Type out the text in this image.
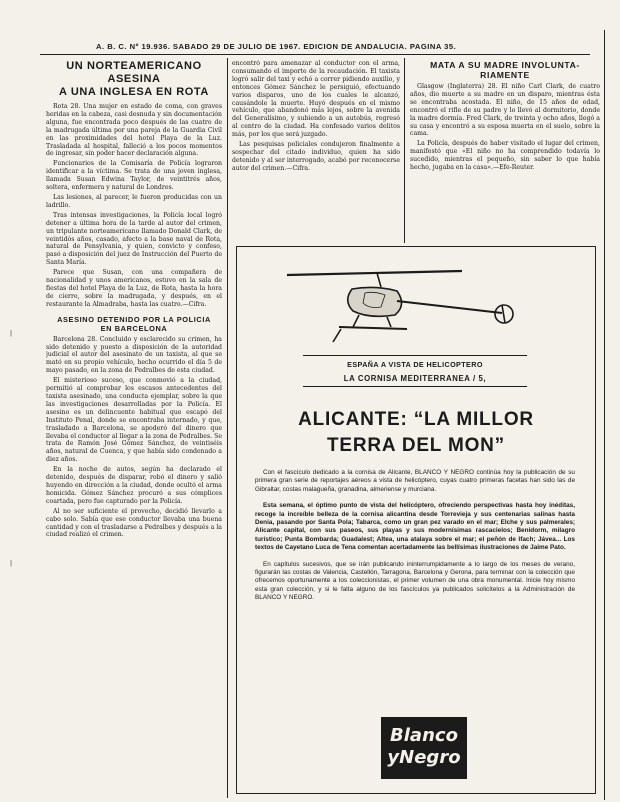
A. B. C. Nº 19.936. SABADO 29 DE JULIO DE 1967. EDICION DE ANDALUCIA. PAGINA 35.
|
|
UN NORTEAMERICANO ASESINA
A UNA INGLESA EN ROTA

Rota 28. Una mujer en estado de coma, con graves heridas en la cabeza, casi desnuda y sin documentación alguna, fue encontrada poco después de las cuatro de la madrugada última por una pareja de la Guardia Civil en las proximidades del hotel Playa de la Luz. Trasladada al hospital, falleció a los pocos momentos de ingresar, sin poder hacer declaración alguna.

Funcionarios de la Comisaría de Policía lograron identificar a la víctima. Se trata de una joven inglesa, llamada Susan Edwina Taylor, de veintitrés años, soltera, enfermera y natural de Londres.

Las lesiones, al parecer, le fueron producidas con un ladrillo.

Tras intensas investigaciones, la Policía local logró detener a última hora de la tarde al autor del crimen, un tripulante norteamericano llamado Donald Clark, de veintidós años, casado, afecto a la base naval de Rota, natural de Pensylvania, y quien, convicto y confeso, pasó a disposición del juez de Instrucción del Puerto de Santa María.

Parece que Susan, con una compañera de nacionalidad y unos americanos, estuvo en la sala de fiestas del hotel Playa de la Luz, de Rota, hasta la hora de cierre, sobre la madrugada, y después, en el restaurante la Almadraba, hasta las cuatro.—Cifra.

ASESINO DETENIDO POR LA POLICIA
EN BARCELONA

Barcelona 28. Concluido y esclarecido su crimen, ha sido detenido y puesto a disposición de la autoridad judicial el autor del asesinato de un taxista, al que se mató en su propio vehículo, hecho ocurrido el día 5 de mayo pasado, en la zona de Pedralbes de esta ciudad.

El misterioso suceso, que conmovió a la ciudad, permitió al comprobar los escasos antecedentes del taxista asesinado, una conducta ejemplar, sobre la que las investigaciones desarrolladas por la Policía. El asesino es un delincuente habitual que escapó del Instituto Penal, donde se encontraba internado, y que, trasladado a Barcelona, se apoderó del dinero que llevaba el conductor al llegar a la zona de Pedralbes. Se trata de Ramón José Gómez Sánchez, de veintiséis años, natural de Cuenca, y que había sido condenado a diez años.

En la noche de autos, según ha declarado el detenido, después de disparar, robó el dinero y salió huyendo en dirección a la ciudad, donde ocultó el arma homicida. Gómez Sánchez procuró a sus cómplices coartada, pero fue capturado por la Policía.

Al no ser suficiente el provecho, decidió llevarlo a cabo solo. Sabía que ese conductor llevaba una buena cantidad y con el trasladarse a Pedralbes y después a la ciudad realizó el crimen.

encontró para amenazar al conductor con el arma, consumando el importe de la recaudación. El taxista logró salir del taxi y echó a correr pidiendo auxilio, y entonces Gómez Sánchez le persiguió, efectuando varios disparos, uno de los cuales le alcanzó, causándole la muerte. Huyó después en el mismo vehículo, que abandonó más lejos, sobre la avenida del Generalísimo, y subiendo a un autobús, regresó al centro de la ciudad. Ha confesado varios delitos más, por los que será juzgado.

Las pesquisas policiales condujeron finalmente a sospechar del citado individuo, quien ha sido detenido y al ser interrogado, acabó por reconocerse autor del crimen.—Cifra.

MATA A SU MADRE INVOLUNTA-
RIAMENTE

Glasgow (Inglaterra) 28. El niño Carl Clark, de cuatro años, dio muerte a su madre en un disparo, mientras ésta se encontraba acostada. El niño, de 15 años de edad, encontró el rifle de su padre y lo llevó al dormitorio, donde la madre dormía. Fred Clark, de treinta y ocho años, llegó a su casa y encontró a su esposa muerta en el suelo, sobre la cama.

La Policía, después de haber visitado el lugar del crimen, manifestó que «El niño no ha comprendido todavía lo sucedido, mientras el pequeño, sin saber lo que había hecho, jugaba en la casa».—Efe-Reuter.

ESPAÑA A VISTA DE HELICOPTERO
LA CORNISA MEDITERRANEA / 5,
ALICANTE: “LA MILLOR
TERRA DEL MON”

Con el fascículo dedicado a la cornisa de Alicante, BLANCO Y NEGRO continúa hoy la publicación de su primera gran serie de reportajes aéreos a vista de helicóptero, cuyas cuatro primeras facetas han sido las de Gibraltar, costas malagueña, granadina, almeriense y murciana.

Esta semana, el óptimo punto de vista del helicóptero, ofreciendo perspectivas hasta hoy inéditas, recoge la increíble belleza de la cornisa alicantina desde Torrevieja y sus centenarias salinas hasta Denia, pasando por Santa Pola; Tabarca, como un gran pez varado en el mar; Elche y sus palmerales; Alicante capital, con sus paseos, sus playas y sus modernísimas rascacielos; Benidorm, milagro turístico; Punta Bombarda; Guadalest; Altea, una atalaya sobre el mar; el peñón de Ifach; Jávea... Los textos de Cayetano Luca de Tena comentan acertadamente las bellísimas ilustraciones de Jaime Pato.

En capítulos sucesivos, que se irán publicando ininterrumpidamente a lo largo de los meses de verano, figurarán las costas de Valencia, Castellón, Tarragona, Barcelona y Gerona, para terminar con la colección que ofrecemos oportunamente a los coleccionistas, el primer volumen de una obra monumental. Inicie hoy mismo esta gran colección, y si le falta alguno de los fascículos ya publicados solicítelos a la Administración de BLANCO Y NEGRO.

Blanco
yNegro
